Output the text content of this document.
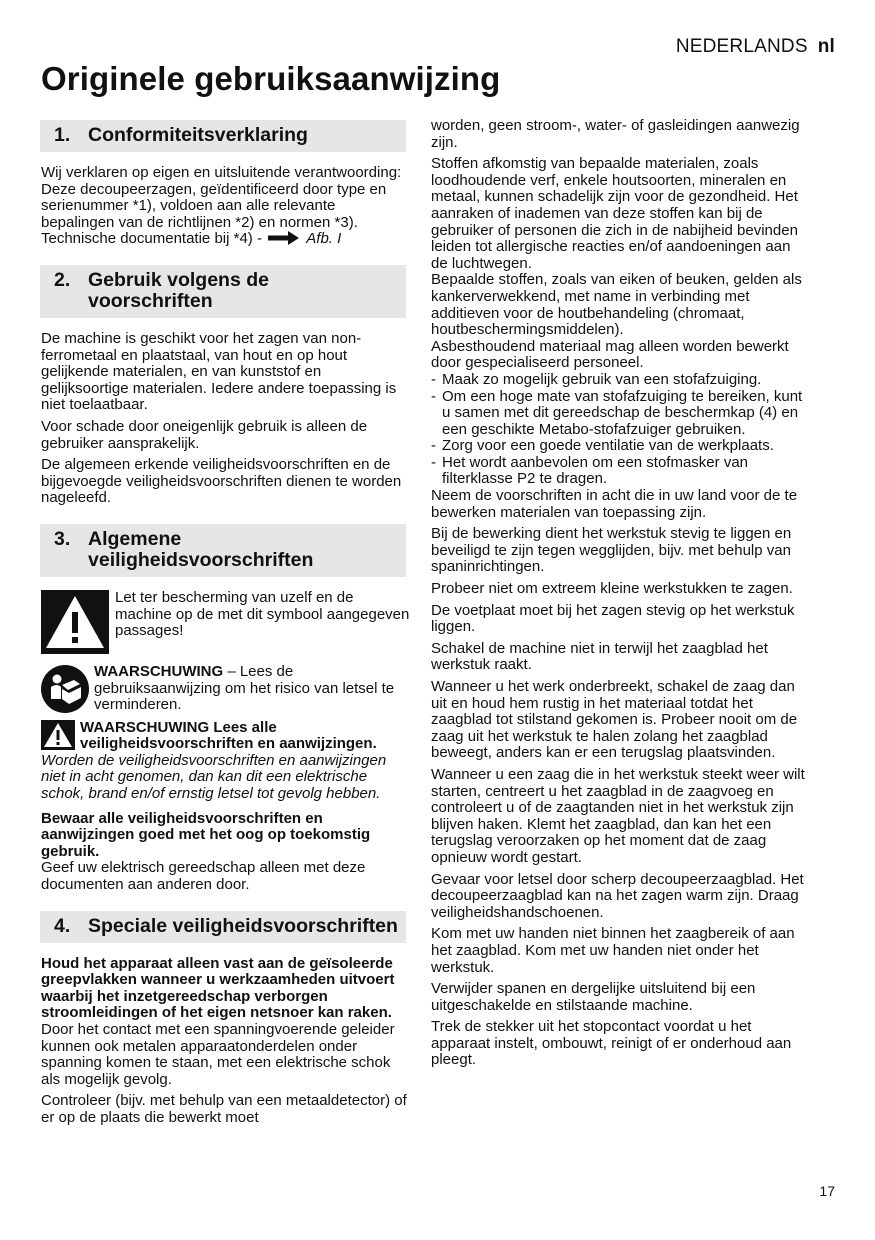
NEDERLANDS nl
Originele gebruiksaanwijzing
1. Conformiteitsverklaring

Wij verklaren op eigen en uitsluitende verantwoording: Deze decoupeerzagen, geïdentificeerd door type en serienummer *1), voldoen aan alle relevante bepalingen van de richtlijnen *2) en normen *3). Technische documentatie bij *4) -	Afb. I

2. Gebruik volgens de voorschriften

De machine is geschikt voor het zagen van non-ferrometaal en plaatstaal, van hout en op hout gelijkende materialen, en van kunststof en gelijksoortige materialen. Iedere andere toepassing is niet toelaatbaar.

Voor schade door oneigenlijk gebruik is alleen de gebruiker aansprakelijk.

De algemeen erkende veiligheidsvoorschriften en de bijgevoegde veiligheidsvoorschriften dienen te worden nageleefd.

3. Algemene veiligheidsvoorschriften
Let ter bescherming van uzelf en de machine op de met dit symbool aangegeven passages!
WAARSCHUWING – Lees de gebruiksaanwijzing om het risico van letsel te verminderen.
WAARSCHUWING Lees alle veiligheidsvoorschriften en aanwijzingen.

Worden de veiligheidsvoorschriften en aanwijzingen niet in acht genomen, dan kan dit een elektrische schok, brand en/of ernstig letsel tot gevolg hebben.

Bewaar alle veiligheidsvoorschriften en aanwijzingen goed met het oog op toekomstig gebruik.
Geef uw elektrisch gereedschap alleen met deze documenten aan anderen door.

4. Speciale veiligheidsvoorschriften

Houd het apparaat alleen vast aan de geïsoleerde greepvlakken wanneer u werkzaamheden uitvoert waarbij het inzetgereedschap verborgen stroomleidingen of het eigen netsnoer kan raken. Door het contact met een spanningvoerende geleider kunnen ook metalen apparaatonderdelen onder spanning komen te staan, met een elektrische schok als mogelijk gevolg.

Controleer (bijv. met behulp van een metaaldetector) of er op de plaats die bewerkt moet

worden, geen stroom-, water- of gasleidingen aanwezig zijn.

Stoffen afkomstig van bepaalde materialen, zoals loodhoudende verf, enkele houtsoorten, mineralen en metaal, kunnen schadelijk zijn voor de gezondheid. Het aanraken of inademen van deze stoffen kan bij de gebruiker of personen die zich in de nabijheid bevinden leiden tot allergische reacties en/of aandoeningen aan de luchtwegen.

Bepaalde stoffen, zoals van eiken of beuken, gelden als kankerverwekkend, met name in verbinding met additieven voor de houtbehandeling (chromaat, houtbeschermingsmiddelen).

Asbesthoudend materiaal mag alleen worden bewerkt door gespecialiseerd personeel.

- Maak zo mogelijk gebruik van een stofafzuiging.
- Om een hoge mate van stofafzuiging te bereiken, kunt u samen met dit gereedschap de beschermkap (4) en een geschikte Metabo-stofafzuiger gebruiken.
- Zorg voor een goede ventilatie van de werkplaats.
- Het wordt aanbevolen om een stofmasker van filterklasse P2 te dragen.

Neem de voorschriften in acht die in uw land voor de te bewerken materialen van toepassing zijn.

Bij de bewerking dient het werkstuk stevig te liggen en beveiligd te zijn tegen wegglijden, bijv. met behulp van spaninrichtingen.

Probeer niet om extreem kleine werkstukken te zagen.

De voetplaat moet bij het zagen stevig op het werkstuk liggen.

Schakel de machine niet in terwijl het zaagblad het werkstuk raakt.

Wanneer u het werk onderbreekt, schakel de zaag dan uit en houd hem rustig in het materiaal totdat het zaagblad tot stilstand gekomen is. Probeer nooit om de zaag uit het werkstuk te halen zolang het zaagblad beweegt, anders kan er een terugslag plaatsvinden.

Wanneer u een zaag die in het werkstuk steekt weer wilt starten, centreert u het zaagblad in de zaagvoeg en controleert u of de zaagtanden niet in het werkstuk zijn blijven haken. Klemt het zaagblad, dan kan het een terugslag veroorzaken op het moment dat de zaag opnieuw wordt gestart.

Gevaar voor letsel door scherp decoupeerzaagblad. Het decoupeerzaagblad kan na het zagen warm zijn. Draag veiligheidshandschoenen.

Kom met uw handen niet binnen het zaagbereik of aan het zaagblad. Kom met uw handen niet onder het werkstuk.

Verwijder spanen en dergelijke uitsluitend bij een uitgeschakelde en stilstaande machine.

Trek de stekker uit het stopcontact voordat u het apparaat instelt, ombouwt, reinigt of er onderhoud aan pleegt.

17
